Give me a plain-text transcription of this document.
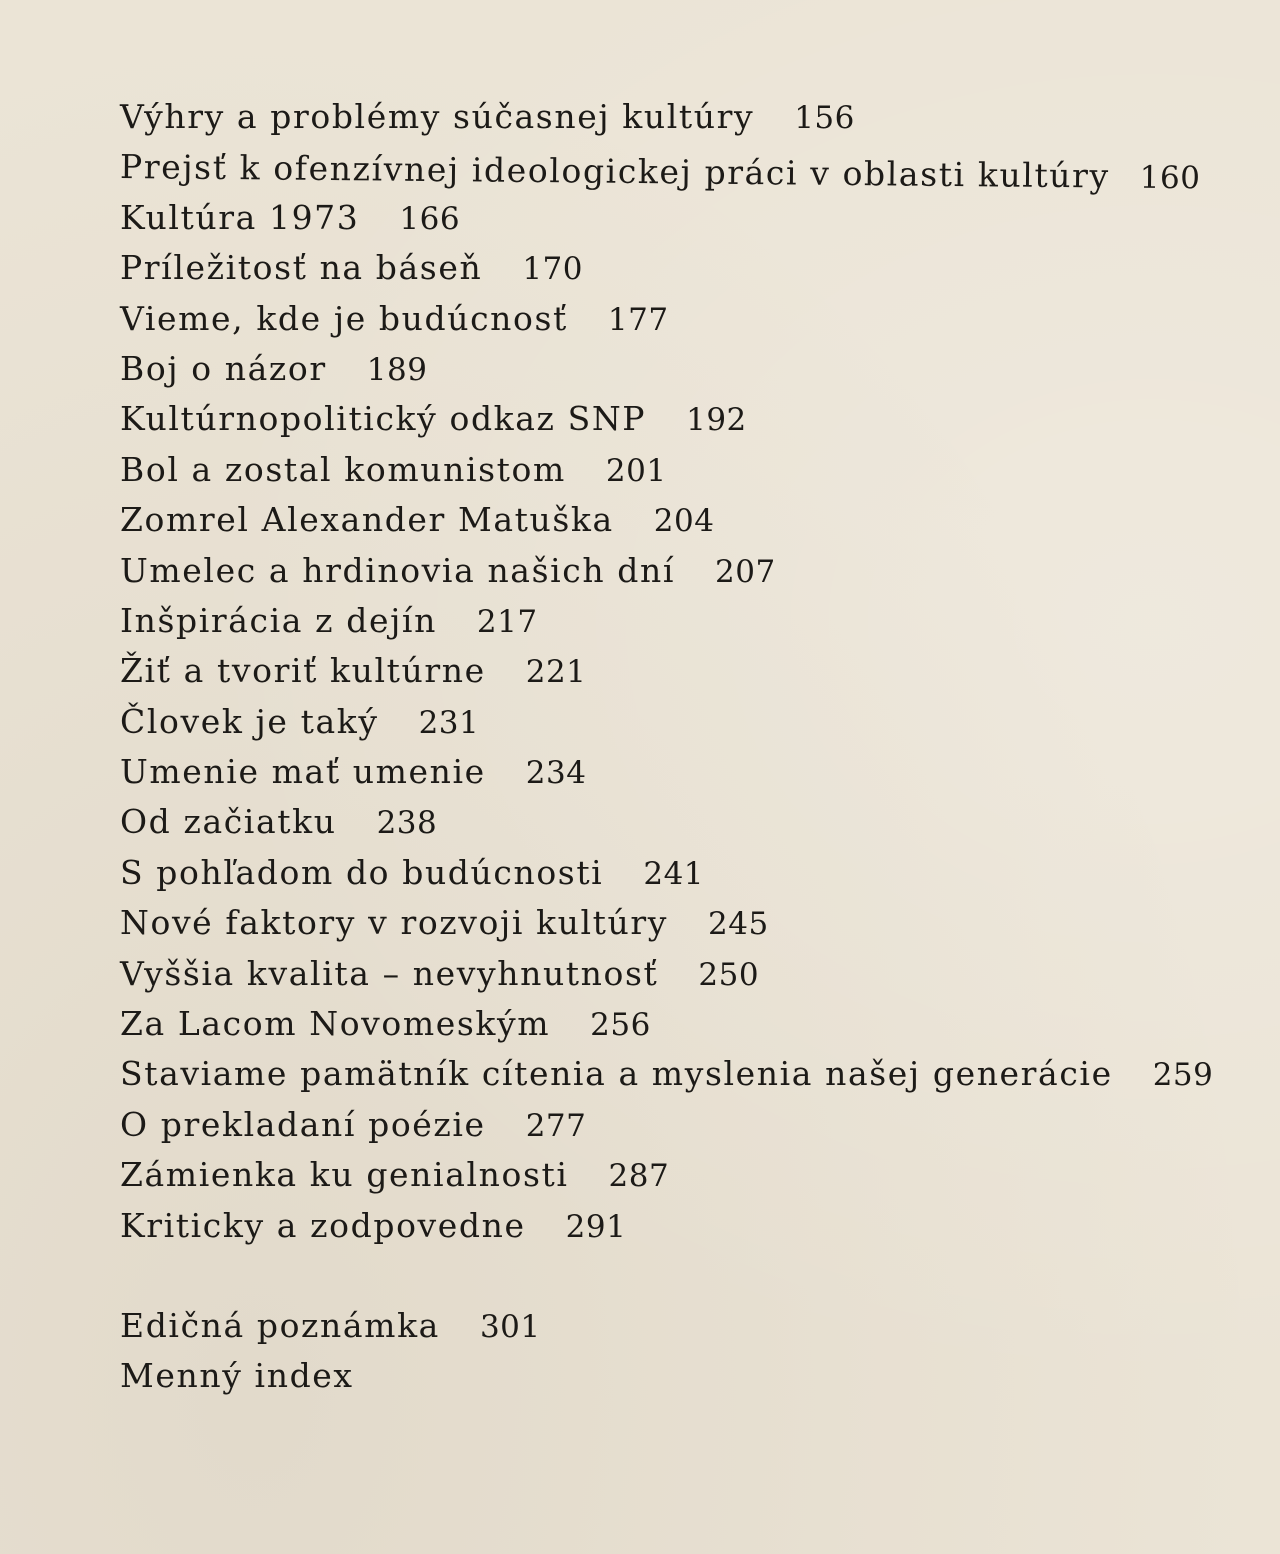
Výhry a problémy súčasnej kultúry 156
Prejsť k ofenzívnej ideologickej práci v oblasti kultúry 160
Kultúra 1973 166
Príležitosť na báseň 170
Vieme, kde je budúcnosť 177
Boj o názor 189
Kultúrnopolitický odkaz SNP 192
Bol a zostal komunistom 201
Zomrel Alexander Matuška 204
Umelec a hrdinovia našich dní 207
Inšpirácia z dejín 217
Žiť a tvoriť kultúrne 221
Človek je taký 231
Umenie mať umenie 234
Od začiatku 238
S pohľadom do budúcnosti 241
Nové faktory v rozvoji kultúry 245
Vyššia kvalita – nevyhnutnosť 250
Za Lacom Novomeským 256
Staviame pamätník cítenia a myslenia našej generácie 259
O prekladaní poézie 277
Zámienka ku genialnosti 287
Kriticky a zodpovedne 291
Edičná poznámka 301
Menný index
